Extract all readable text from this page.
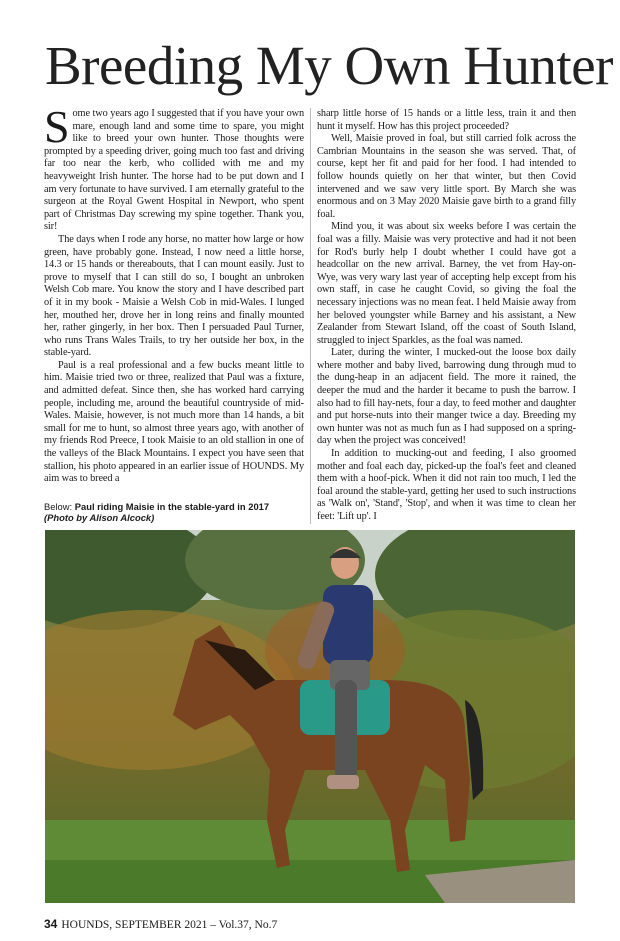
Breeding My Own Hunter

Some two years ago I suggested that if you have your own mare, enough land and some time to spare, you might like to breed your own hunter. Those thoughts were prompted by a speeding driver, going much too fast and driving far too near the kerb, who collided with me and my heavyweight Irish hunter. The horse had to be put down and I am very fortunate to have survived. I am eternally grateful to the surgeon at the Royal Gwent Hospital in Newport, who spent part of Christmas Day screwing my spine together. Thank you, sir!

The days when I rode any horse, no matter how large or how green, have probably gone. Instead, I now need a little horse, 14.3 or 15 hands or thereabouts, that I can mount easily. Just to prove to myself that I can still do so, I bought an unbroken Welsh Cob mare. You know the story and I have described part of it in my book - Maisie a Welsh Cob in mid-Wales. I lunged her, mouthed her, drove her in long reins and finally mounted her, rather gingerly, in her box. Then I persuaded Paul Turner, who runs Trans Wales Trails, to try her outside her box, in the stable-yard.

Paul is a real professional and a few bucks meant little to him. Maisie tried two or three, realized that Paul was a fixture, and admitted defeat. Since then, she has worked hard carrying people, including me, around the beautiful countryside of mid-Wales. Maisie, however, is not much more than 14 hands, a bit small for me to hunt, so almost three years ago, with another of my friends Rod Preece, I took Maisie to an old stallion in one of the valleys of the Black Mountains. I expect you have seen that stallion, his photo appeared in an earlier issue of HOUNDS. My aim was to breed a

Below: Paul riding Maisie in the stable-yard in 2017
(Photo by Alison Alcock)

sharp little horse of 15 hands or a little less, train it and then hunt it myself. How has this project proceeded?

Well, Maisie proved in foal, but still carried folk across the Cambrian Mountains in the season she was served. That, of course, kept her fit and paid for her food. I had intended to follow hounds quietly on her that winter, but then Covid intervened and we saw very little sport. By March she was enormous and on 3 May 2020 Maisie gave birth to a grand filly foal.

Mind you, it was about six weeks before I was certain the foal was a filly. Maisie was very protective and had it not been for Rod's burly help I doubt whether I could have got a headcollar on the new arrival. Barney, the vet from Hay-on-Wye, was very wary last year of accepting help except from his own staff, in case he caught Covid, so giving the foal the necessary injections was no mean feat. I held Maisie away from her beloved youngster while Barney and his assistant, a New Zealander from Stewart Island, off the coast of South Island, struggled to inject Sparkles, as the foal was named.

Later, during the winter, I mucked-out the loose box daily where mother and baby lived, barrowing dung through mud to the dung-heap in an adjacent field. The more it rained, the deeper the mud and the harder it became to push the barrow. I also had to fill hay-nets, four a day, to feed mother and daughter and put horse-nuts into their manger twice a day. Breeding my own hunter was not as much fun as I had supposed on a spring-day when the project was conceived!

In addition to mucking-out and feeding, I also groomed mother and foal each day, picked-up the foal's feet and cleaned them with a hoof-pick. When it did not rain too much, I led the foal around the stable-yard, getting her used to such instructions as 'Walk on', 'Stand', 'Stop', and when it was time to clean her feet: 'Lift up'. I

34 HOUNDS, SEPTEMBER 2021 – Vol.37, No.7
